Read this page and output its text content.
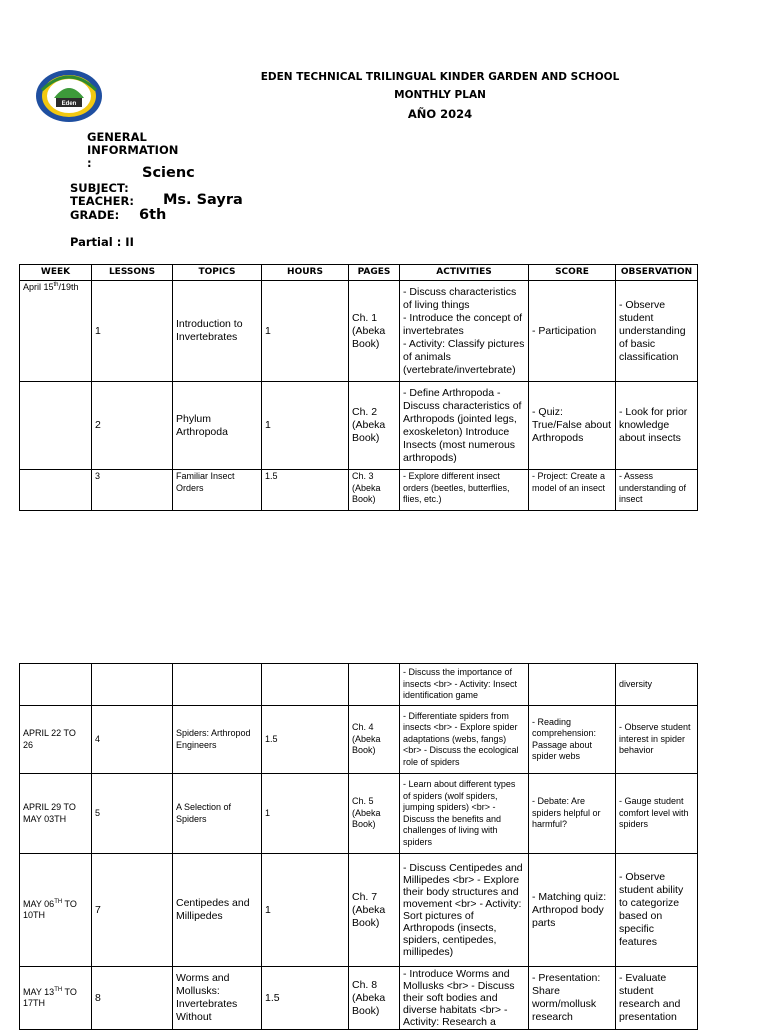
Eden
EDEN TECHNICAL TRILINGUAL KINDER GARDEN AND SCHOOL
MONTHLY PLAN
AÑO 2024
GENERAL
INFORMATION
:
Scienc
SUBJECT:
TEACHER: Ms. Sayra
GRADE: 6th
Partial : II
WEEK	LESSONS	TOPICS	HOURS	PAGES	ACTIVITIES	SCORE	OBSERVATION
April 15th/19th	1	Introduction to Invertebrates	1	Ch. 1 (Abeka Book)	- Discuss characteristics of living things
- Introduce the concept of invertebrates
- Activity: Classify pictures of animals (vertebrate/invertebrate)	- Participation	- Observe student understanding of basic classification
	2	Phylum Arthropoda	1	Ch. 2 (Abeka Book)	- Define Arthropoda - Discuss characteristics of Arthropods (jointed legs, exoskeleton) Introduce Insects (most numerous arthropods)	- Quiz: True/False about Arthropods	- Look for prior knowledge about insects
	3	Familiar Insect Orders	1.5	Ch. 3 (Abeka Book)	- Explore different insect orders (beetles, butterflies, flies, etc.)	- Project: Create a model of an insect	- Assess understanding of insect
					- Discuss the importance of insects <br> - Activity: Insect identification game		diversity
APRIL 22 TO 26	4	Spiders: Arthropod Engineers	1.5	Ch. 4 (Abeka Book)	- Differentiate spiders from insects <br> - Explore spider adaptations (webs, fangs) <br> - Discuss the ecological role of spiders	- Reading comprehension: Passage about spider webs	- Observe student interest in spider behavior
APRIL 29 TO MAY 03TH	5	A Selection of Spiders	1	Ch. 5 (Abeka Book)	- Learn about different types of spiders (wolf spiders, jumping spiders) <br> - Discuss the benefits and challenges of living with spiders	- Debate: Are spiders helpful or harmful?	- Gauge student comfort level with spiders
MAY 06TH TO 10TH	7	Centipedes and Millipedes	1	Ch. 7 (Abeka Book)	- Discuss Centipedes and Millipedes <br> - Explore their body structures and movement <br> - Activity: Sort pictures of Arthropods (insects, spiders, centipedes, millipedes)	- Matching quiz: Arthropod body parts	- Observe student ability to categorize based on specific features
MAY 13TH TO 17TH	8	Worms and Mollusks: Invertebrates Without	1.5	Ch. 8 (Abeka Book)	- Introduce Worms and Mollusks <br> - Discuss their soft bodies and diverse habitats <br> - Activity: Research a	- Presentation: Share worm/mollusk research	- Evaluate student research and presentation
